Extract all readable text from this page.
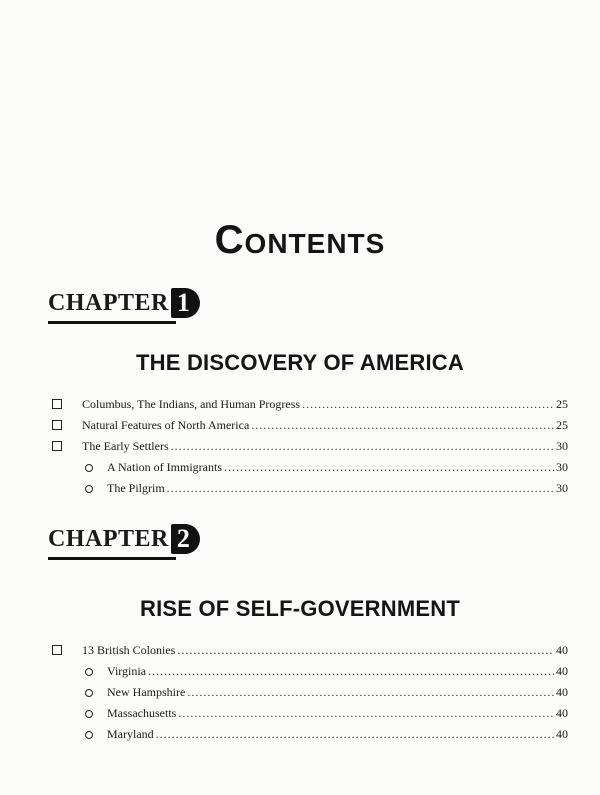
Contents
CHAPTER 1
THE DISCOVERY OF AMERICA
Columbus, The Indians, and Human Progress .....	25
Natural Features of North America .....	25
The Early Settlers .....	30
A Nation of Immigrants .....	30
The Pilgrim .....	30
CHAPTER 2
RISE OF SELF-GOVERNMENT
13 British Colonies .....	40
Virginia .....	40
New Hampshire .....	40
Massachusetts .....	40
Maryland .....	40
